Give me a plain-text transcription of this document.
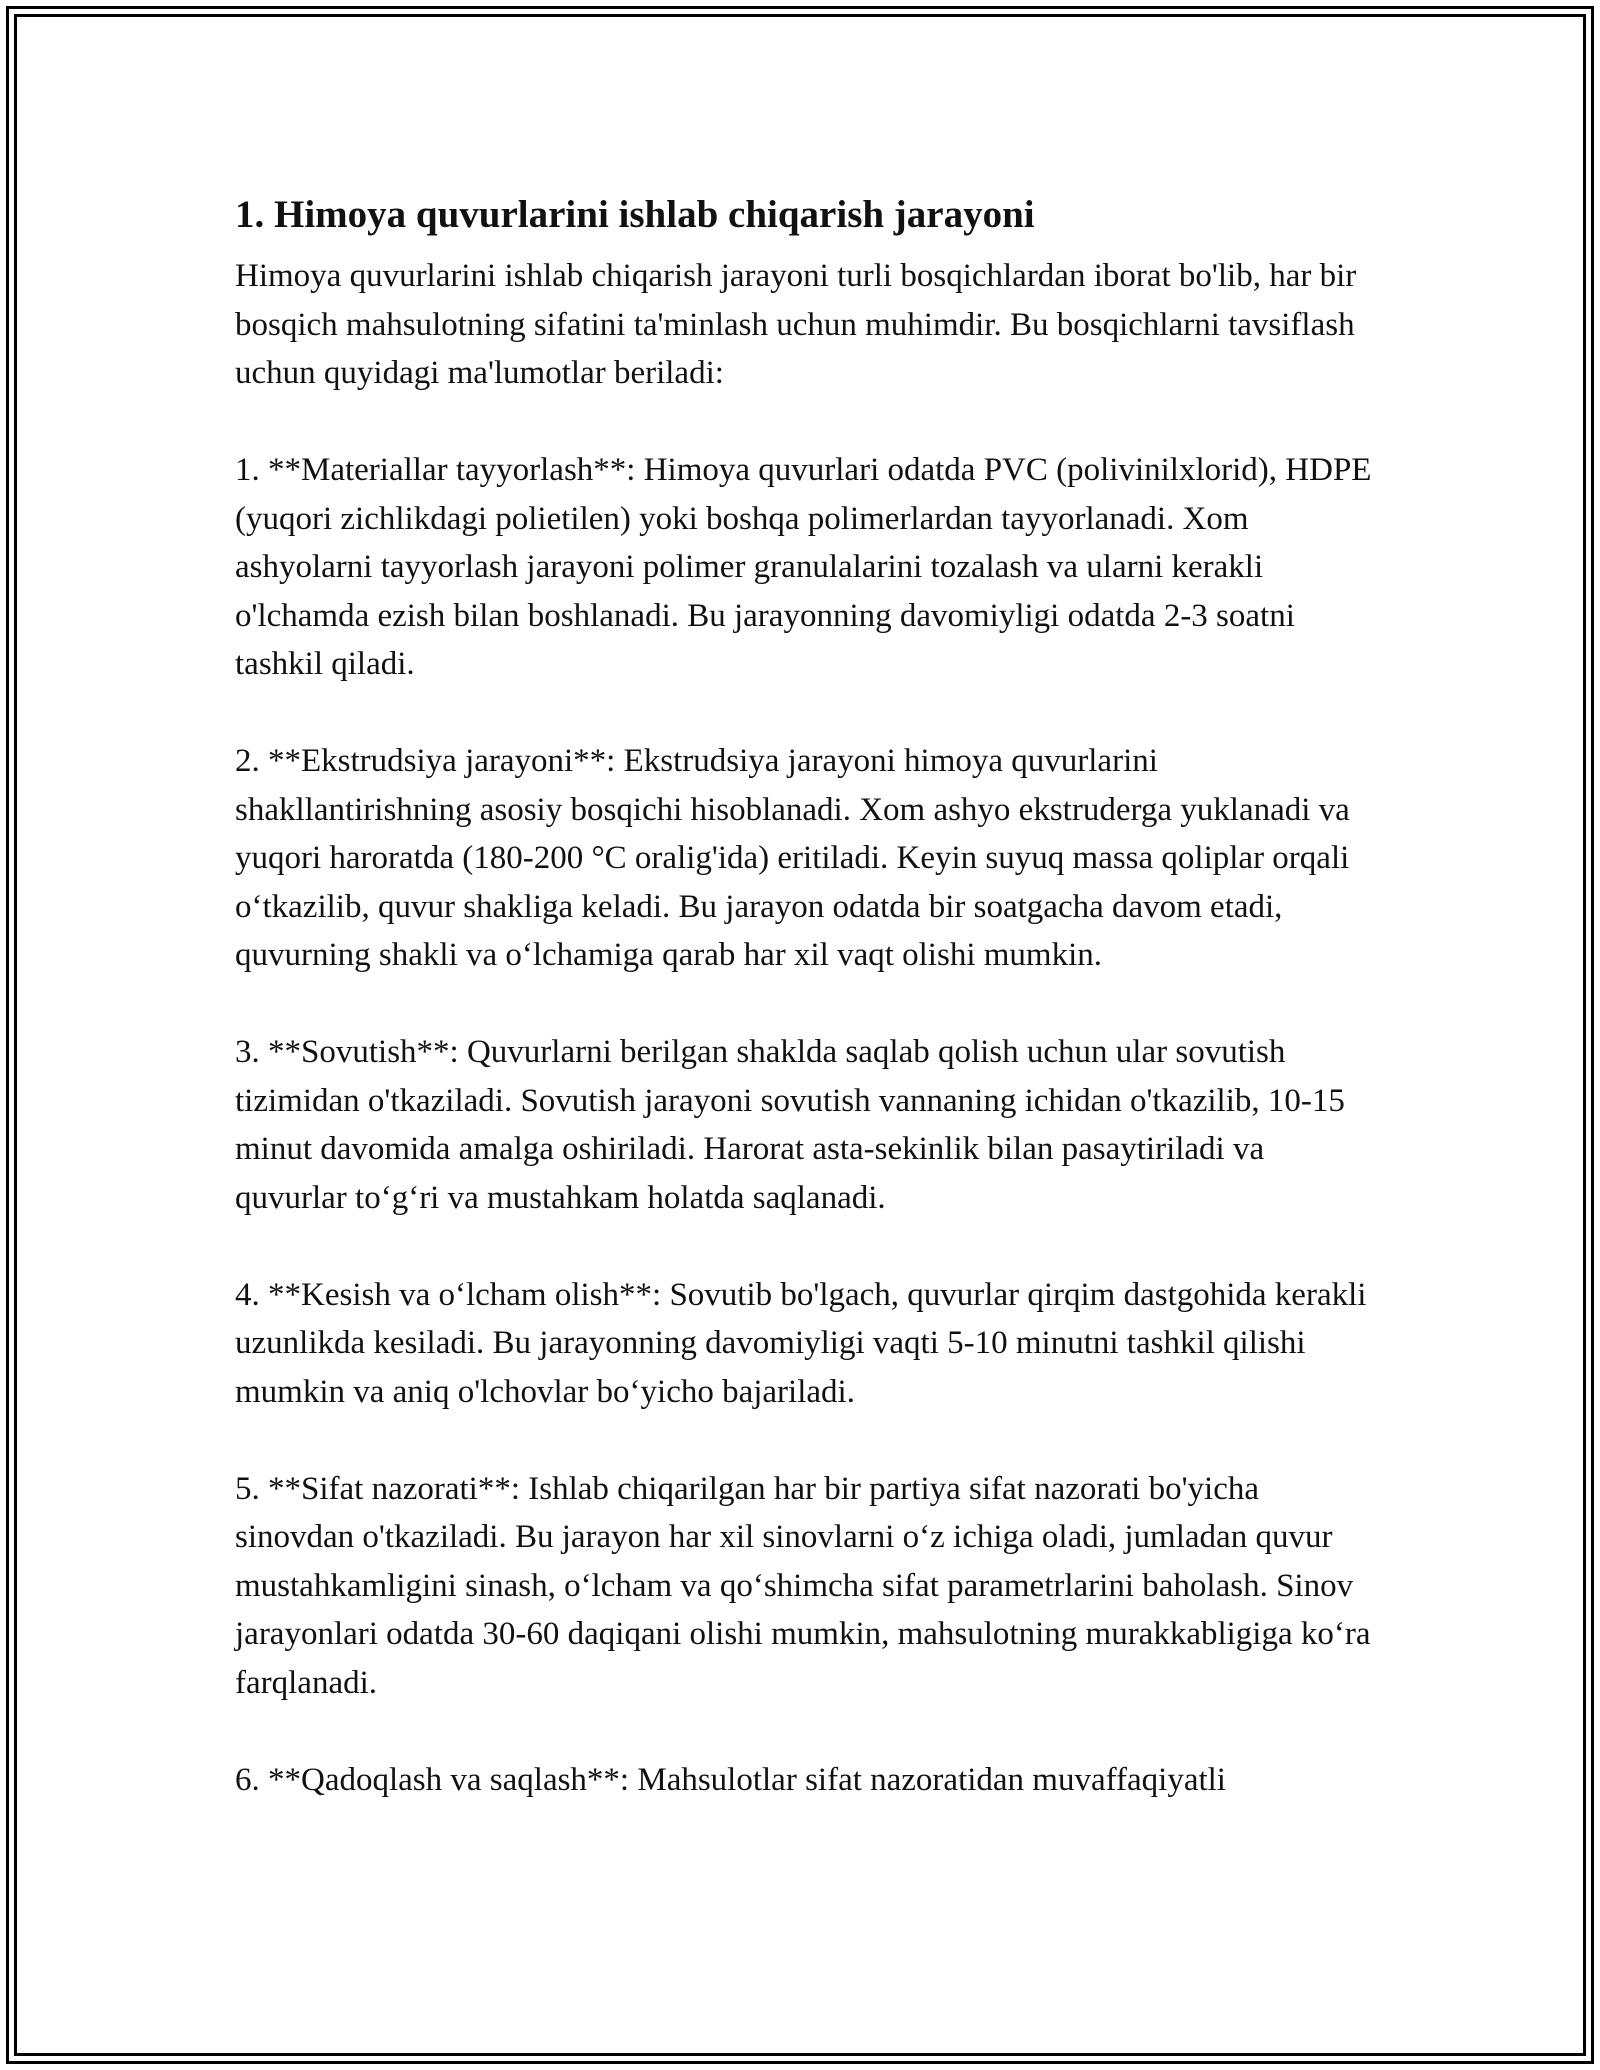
1. Himoya quvurlarini ishlab chiqarish jarayoni

Himoya quvurlarini ishlab chiqarish jarayoni turli bosqichlardan iborat bo'lib, har bir bosqich mahsulotning sifatini ta'minlash uchun muhimdir. Bu bosqichlarni tavsiflash uchun quyidagi ma'lumotlar beriladi:

1. **Materiallar tayyorlash**: Himoya quvurlari odatda PVC (polivinilxlorid), HDPE (yuqori zichlikdagi polietilen) yoki boshqa polimerlardan tayyorlanadi. Xom ashyolarni tayyorlash jarayoni polimer granulalarini tozalash va ularni kerakli o'lchamda ezish bilan boshlanadi. Bu jarayonning davomiyligi odatda 2-3 soatni tashkil qiladi.

2. **Ekstrudsiya jarayoni**: Ekstrudsiya jarayoni himoya quvurlarini shakllantirishning asosiy bosqichi hisoblanadi. Xom ashyo ekstruderga yuklanadi va yuqori haroratda (180-200 °C oralig'ida) eritiladi. Keyin suyuq massa qoliplar orqali o‘tkazilib, quvur shakliga keladi. Bu jarayon odatda bir soatgacha davom etadi, quvurning shakli va o‘lchamiga qarab har xil vaqt olishi mumkin.

3. **Sovutish**: Quvurlarni berilgan shaklda saqlab qolish uchun ular sovutish tizimidan o'tkaziladi. Sovutish jarayoni sovutish vannaning ichidan o'tkazilib, 10-15 minut davomida amalga oshiriladi. Harorat asta-sekinlik bilan pasaytiriladi va quvurlar to‘g‘ri va mustahkam holatda saqlanadi.

4. **Kesish va o‘lcham olish**: Sovutib bo'lgach, quvurlar qirqim dastgohida kerakli uzunlikda kesiladi. Bu jarayonning davomiyligi vaqti 5-10 minutni tashkil qilishi mumkin va aniq o'lchovlar bo‘yicho bajariladi.

5. **Sifat nazorati**: Ishlab chiqarilgan har bir partiya sifat nazorati bo'yicha sinovdan o'tkaziladi. Bu jarayon har xil sinovlarni o‘z ichiga oladi, jumladan quvur mustahkamligini sinash, o‘lcham va qo‘shimcha sifat parametrlarini baholash. Sinov jarayonlari odatda 30-60 daqiqani olishi mumkin, mahsulotning murakkabligiga ko‘ra farqlanadi.

6. **Qadoqlash va saqlash**: Mahsulotlar sifat nazoratidan muvaffaqiyatli
